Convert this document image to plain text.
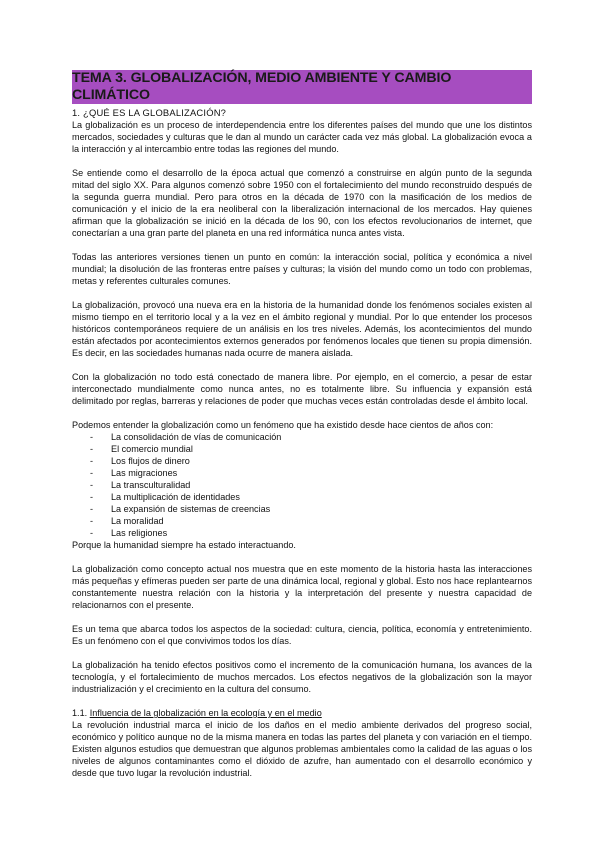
TEMA 3. GLOBALIZACIÓN, MEDIO AMBIENTE Y CAMBIO CLIMÁTICO
1. ¿QUÉ ES LA GLOBALIZACIÓN?

La globalización es un proceso de interdependencia entre los diferentes países del mundo que une los distintos mercados, sociedades y culturas que le dan al mundo un carácter cada vez más global. La globalización evoca a la interacción y al intercambio entre todas las regiones del mundo.

Se entiende como el desarrollo de la época actual que comenzó a construirse en algún punto de la segunda mitad del siglo XX. Para algunos comenzó sobre 1950 con el fortalecimiento del mundo reconstruido después de la segunda guerra mundial. Pero para otros en la década de 1970 con la masificación de los medios de comunicación y el inicio de la era neoliberal con la liberalización internacional de los mercados. Hay quienes afirman que la globalización se inició en la década de los 90, con los efectos revolucionarios de internet, que conectarían a una gran parte del planeta en una red informática nunca antes vista.

Todas las anteriores versiones tienen un punto en común: la interacción social, política y económica a nivel mundial; la disolución de las fronteras entre países y culturas; la visión del mundo como un todo con problemas, metas y referentes culturales comunes.

La globalización, provocó una nueva era en la historia de la humanidad donde los fenómenos sociales existen al mismo tiempo en el territorio local y a la vez en el ámbito regional y mundial. Por lo que entender los procesos históricos contemporáneos requiere de un análisis en los tres niveles. Además, los acontecimientos del mundo están afectados por acontecimientos externos generados por fenómenos locales que tienen su propia dimensión. Es decir, en las sociedades humanas nada ocurre de manera aislada.

Con la globalización no todo está conectado de manera libre. Por ejemplo, en el comercio, a pesar de estar interconectado mundialmente como nunca antes, no es totalmente libre. Su influencia y expansión está delimitado por reglas, barreras y relaciones de poder que muchas veces están controladas desde el ámbito local.

Podemos entender la globalización como un fenómeno que ha existido desde hace cientos de años con:

- La consolidación de vías de comunicación
- El comercio mundial
- Los flujos de dinero
- Las migraciones
- La transculturalidad
- La multiplicación de identidades
- La expansión de sistemas de creencias
- La moralidad
- Las religiones

Porque la humanidad siempre ha estado interactuando.

La globalización como concepto actual nos muestra que en este momento de la historia hasta las interacciones más pequeñas y efímeras pueden ser parte de una dinámica local, regional y global. Esto nos hace replantearnos constantemente nuestra relación con la historia y la interpretación del presente y nuestra capacidad de relacionarnos con el presente.

Es un tema que abarca todos los aspectos de la sociedad: cultura, ciencia, política, economía y entretenimiento. Es un fenómeno con el que convivimos todos los días.

La globalización ha tenido efectos positivos como el incremento de la comunicación humana, los avances de la tecnología, y el fortalecimiento de muchos mercados. Los efectos negativos de la globalización son la mayor industrialización y el crecimiento en la cultura del consumo.

1.1. Influencia de la globalización en la ecología y en el medio

La revolución industrial marca el inicio de los daños en el medio ambiente derivados del progreso social, económico y político aunque no de la misma manera en todas las partes del planeta y con variación en el tiempo. Existen algunos estudios que demuestran que algunos problemas ambientales como la calidad de las aguas o los niveles de algunos contaminantes como el dióxido de azufre, han aumentado con el desarrollo económico y desde que tuvo lugar la revolución industrial.
